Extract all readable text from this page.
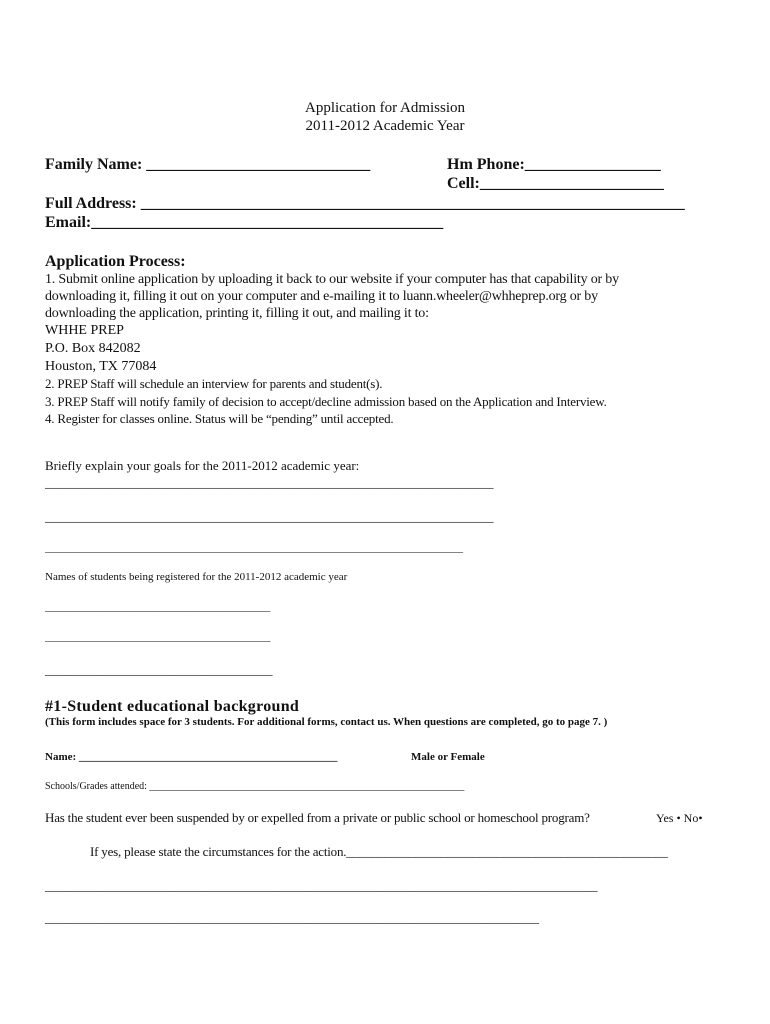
Application for Admission
2011-2012 Academic Year
Family Name: ____________________________	Hm Phone:_________________
Cell:_______________________
Full Address: ____________________________________________________________________
Email:____________________________________________
Application Process:
1. Submit online application by uploading it back to our website if your computer has that capability or by
downloading it, filling it out on your computer and e-mailing it to luann.wheeler@whheprep.org or by
downloading the application, printing it, filling it out, and mailing it to:
WHHE PREP
P.O. Box 842082
Houston, TX 77084
2. PREP Staff will schedule an interview for parents and student(s).
3. PREP Staff will notify family of decision to accept/decline admission based on the Application and Interview.
4. Register for classes online. Status will be “pending” until accepted.
Briefly explain your goals for the 2011-2012 academic year:
_____________________________________________________________________
_____________________________________________________________________
____________________________________________________________________________
Names of students being registered for the 2011-2012 academic year
_________________________________________
_________________________________________
___________________________________
#1-Student educational background
(This form includes space for 3 students. For additional forms, contact us. When questions are completed, go to page 7. )
Name: _______________________________________________	Male or Female
Schools/Grades attended: _______________________________________________________________
Has the student ever been suspended by or expelled from a private or public school or homeschool program?	Yes • No•
If yes, please state the circumstances for the action.___________________________________________________
_____________________________________________________________________________________
____________________________________________________________________________
